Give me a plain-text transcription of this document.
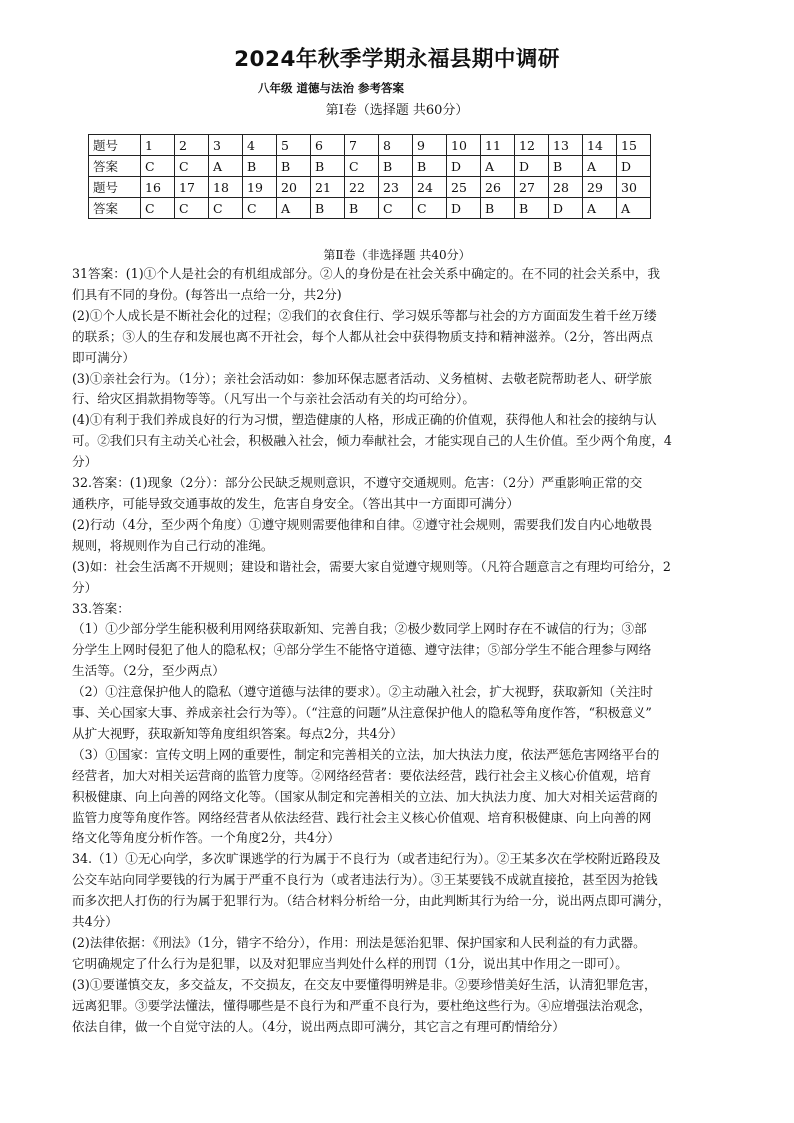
2024年秋季学期永福县期中调研
八年级 道德与法治 参考答案
第Ⅰ卷（选择题 共60分）
题号	1	2	3	4	5	6	7	8	9	10	11	12	13	14	15
答案	C	C	A	B	B	B	C	B	B	D	A	D	B	A	D
题号	16	17	18	19	20	21	22	23	24	25	26	27	28	29	30
答案	C	C	C	C	A	B	B	C	C	D	B	B	D	A	A
第Ⅱ卷（非选择题 共40分）

31答案：(1)①个人是社会的有机组成部分。②人的身份是在社会关系中确定的。在不同的社会关系中，我

们具有不同的身份。(每答出一点给一分，共2分)

(2)①个人成长是不断社会化的过程；②我们的衣食住行、学习娱乐等都与社会的方方面面发生着千丝万缕

的联系；③人的生存和发展也离不开社会，每个人都从社会中获得物质支持和精神滋养。（2分，答出两点

即可满分）

(3)①亲社会行为。（1分）；亲社会活动如：参加环保志愿者活动、义务植树、去敬老院帮助老人、研学旅

行、给灾区捐款捐物等等。（凡写出一个与亲社会活动有关的均可给分）。

(4)①有利于我们养成良好的行为习惯，塑造健康的人格，形成正确的价值观，获得他人和社会的接纳与认

可。②我们只有主动关心社会，积极融入社会，倾力奉献社会，才能实现自己的人生价值。至少两个角度，4

分）

32.答案：(1)现象（2分）：部分公民缺乏规则意识，不遵守交通规则。危害：（2分）严重影响正常的交

通秩序，可能导致交通事故的发生，危害自身安全。（答出其中一方面即可满分）

(2)行动（4分，至少两个角度）①遵守规则需要他律和自律。②遵守社会规则，需要我们发自内心地敬畏

规则，将规则作为自己行动的准绳。

(3)如：社会生活离不开规则；建设和谐社会，需要大家自觉遵守规则等。（凡符合题意言之有理均可给分，2

分）

33.答案：

（1）①少部分学生能积极利用网络获取新知、完善自我；②极少数同学上网时存在不诚信的行为；③部

分学生上网时侵犯了他人的隐私权；④部分学生不能恪守道德、遵守法律；⑤部分学生不能合理参与网络

生活等。（2分，至少两点）

（2）①注意保护他人的隐私（遵守道德与法律的要求）。②主动融入社会，扩大视野，获取新知（关注时

事、关心国家大事、养成亲社会行为等）。（“注意的问题”从注意保护他人的隐私等角度作答，“积极意义”

从扩大视野，获取新知等角度组织答案。每点2分，共4分）

（3）①国家：宣传文明上网的重要性，制定和完善相关的立法，加大执法力度，依法严惩危害网络平台的

经营者，加大对相关运营商的监管力度等。②网络经营者：要依法经营，践行社会主义核心价值观，培育

积极健康、向上向善的网络文化等。（国家从制定和完善相关的立法、加大执法力度、加大对相关运营商的

监管力度等角度作答。网络经营者从依法经营、践行社会主义核心价值观、培育积极健康、向上向善的网

络文化等角度分析作答。一个角度2分，共4分）

34.（1）①无心向学，多次旷课逃学的行为属于不良行为（或者违纪行为）。②王某多次在学校附近路段及

公交车站向同学要钱的行为属于严重不良行为（或者违法行为）。③王某要钱不成就直接抢，甚至因为抢钱

而多次把人打伤的行为属于犯罪行为。（结合材料分析给一分，由此判断其行为给一分，说出两点即可满分，

共4分）

(2)法律依据：《刑法》（1分，错字不给分），作用：刑法是惩治犯罪、保护国家和人民利益的有力武器。

它明确规定了什么行为是犯罪，以及对犯罪应当判处什么样的刑罚（1分，说出其中作用之一即可）。

(3)①要谨慎交友，多交益友，不交损友，在交友中要懂得明辨是非。②要珍惜美好生活，认清犯罪危害，

远离犯罪。③要学法懂法，懂得哪些是不良行为和严重不良行为，要杜绝这些行为。④应增强法治观念，

依法自律，做一个自觉守法的人。（4分，说出两点即可满分，其它言之有理可酌情给分）
